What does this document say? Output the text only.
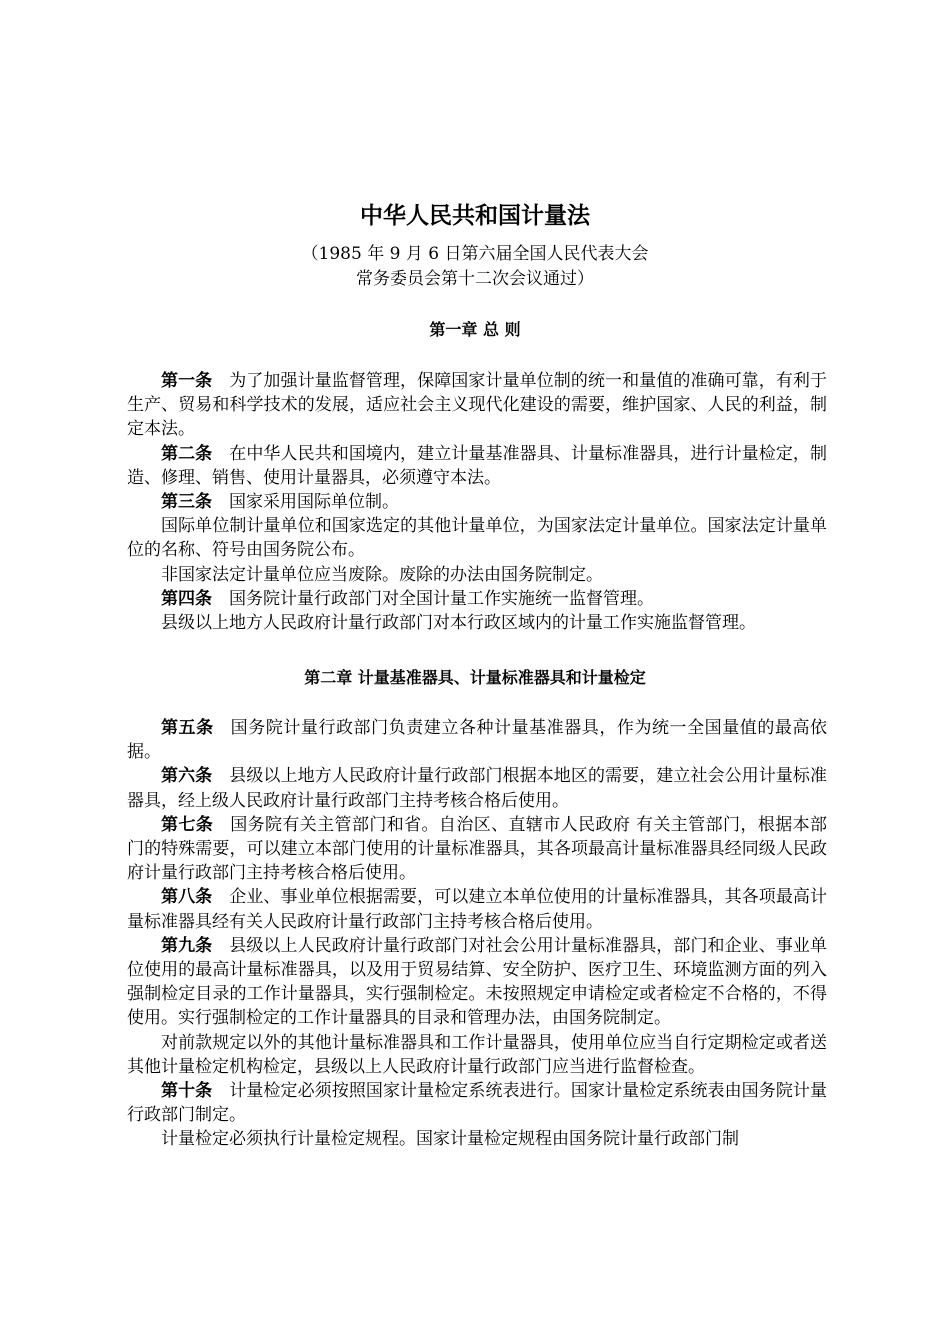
中华人民共和国计量法
（1985 年 9 月 6 日第六届全国人民代表大会
常务委员会第十二次会议通过）
第一章 总 则

第一条 为了加强计量监督管理，保障国家计量单位制的统一和量值的准确可靠，有利于生产、贸易和科学技术的发展，适应社会主义现代化建设的需要，维护国家、人民的利益，制定本法。

第二条 在中华人民共和国境内，建立计量基准器具、计量标准器具，进行计量检定，制造、修理、销售、使用计量器具，必须遵守本法。

第三条 国家采用国际单位制。

国际单位制计量单位和国家选定的其他计量单位，为国家法定计量单位。国家法定计量单位的名称、符号由国务院公布。

非国家法定计量单位应当废除。废除的办法由国务院制定。

第四条 国务院计量行政部门对全国计量工作实施统一监督管理。

县级以上地方人民政府计量行政部门对本行政区域内的计量工作实施监督管理。

第二章 计量基准器具、计量标准器具和计量检定

第五条 国务院计量行政部门负责建立各种计量基准器具，作为统一全国量值的最高依据。

第六条 县级以上地方人民政府计量行政部门根据本地区的需要，建立社会公用计量标准器具，经上级人民政府计量行政部门主持考核合格后使用。

第七条 国务院有关主管部门和省。自治区、直辖市人民政府 有关主管部门，根据本部门的特殊需要，可以建立本部门使用的计量标准器具，其各项最高计量标准器具经同级人民政府计量行政部门主持考核合格后使用。

第八条 企业、事业单位根据需要，可以建立本单位使用的计量标准器具，其各项最高计量标准器具经有关人民政府计量行政部门主持考核合格后使用。

第九条 县级以上人民政府计量行政部门对社会公用计量标准器具，部门和企业、事业单位使用的最高计量标准器具，以及用于贸易结算、安全防护、医疗卫生、环境监测方面的列入强制检定目录的工作计量器具，实行强制检定。未按照规定申请检定或者检定不合格的，不得使用。实行强制检定的工作计量器具的目录和管理办法，由国务院制定。

对前款规定以外的其他计量标准器具和工作计量器具，使用单位应当自行定期检定或者送其他计量检定机构检定，县级以上人民政府计量行政部门应当进行监督检查。

第十条 计量检定必须按照国家计量检定系统表进行。国家计量检定系统表由国务院计量行政部门制定。

计量检定必须执行计量检定规程。国家计量检定规程由国务院计量行政部门制
